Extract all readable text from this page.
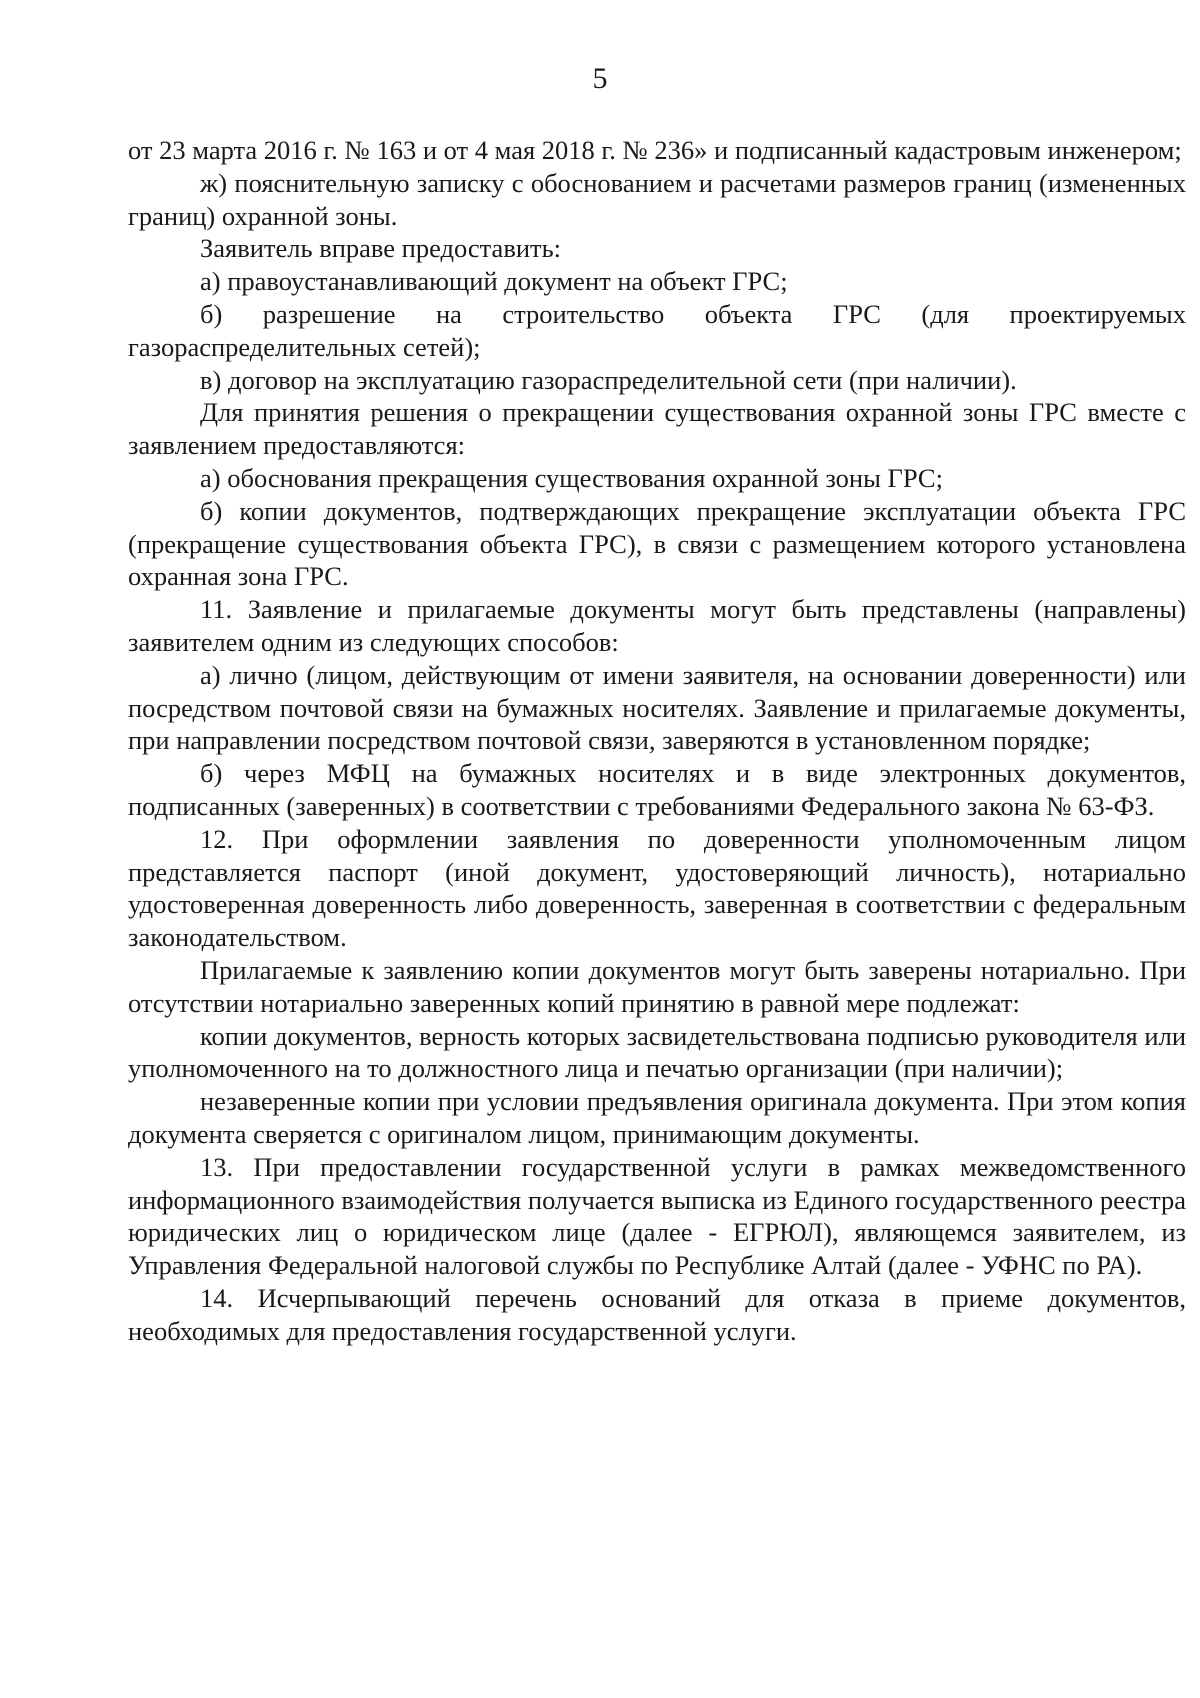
5

от 23 марта 2016 г. № 163 и от 4 мая 2018 г. № 236» и подписанный кадастровым инженером;

ж) пояснительную записку с обоснованием и расчетами размеров границ (измененных границ) охранной зоны.

Заявитель вправе предоставить:

а) правоустанавливающий документ на объект ГРС;

б) разрешение на строительство объекта ГРС (для проектируемых газораспределительных сетей);

в) договор на эксплуатацию газораспределительной сети (при наличии).

Для принятия решения о прекращении существования охранной зоны ГРС вместе с заявлением предоставляются:

а) обоснования прекращения существования охранной зоны ГРС;

б) копии документов, подтверждающих прекращение эксплуатации объекта ГРС (прекращение существования объекта ГРС), в связи с размещением которого установлена охранная зона ГРС.

11. Заявление и прилагаемые документы могут быть представлены (направлены) заявителем одним из следующих способов:

а) лично (лицом, действующим от имени заявителя, на основании доверенности) или посредством почтовой связи на бумажных носителях. Заявление и прилагаемые документы, при направлении посредством почтовой связи, заверяются в установленном порядке;

б) через МФЦ на бумажных носителях и в виде электронных документов, подписанных (заверенных) в соответствии с требованиями Федерального закона № 63-ФЗ.

12. При оформлении заявления по доверенности уполномоченным лицом представляется паспорт (иной документ, удостоверяющий личность), нотариально удостоверенная доверенность либо доверенность, заверенная в соответствии с федеральным законодательством.

Прилагаемые к заявлению копии документов могут быть заверены нотариально. При отсутствии нотариально заверенных копий принятию в равной мере подлежат:

копии документов, верность которых засвидетельствована подписью руководителя или уполномоченного на то должностного лица и печатью организации (при наличии);

незаверенные копии при условии предъявления оригинала документа. При этом копия документа сверяется с оригиналом лицом, принимающим документы.

13. При предоставлении государственной услуги в рамках межведомственного информационного взаимодействия получается выписка из Единого государственного реестра юридических лиц о юридическом лице (далее - ЕГРЮЛ), являющемся заявителем, из Управления Федеральной налоговой службы по Республике Алтай (далее - УФНС по РА).

14. Исчерпывающий перечень оснований для отказа в приеме документов, необходимых для предоставления государственной услуги.
